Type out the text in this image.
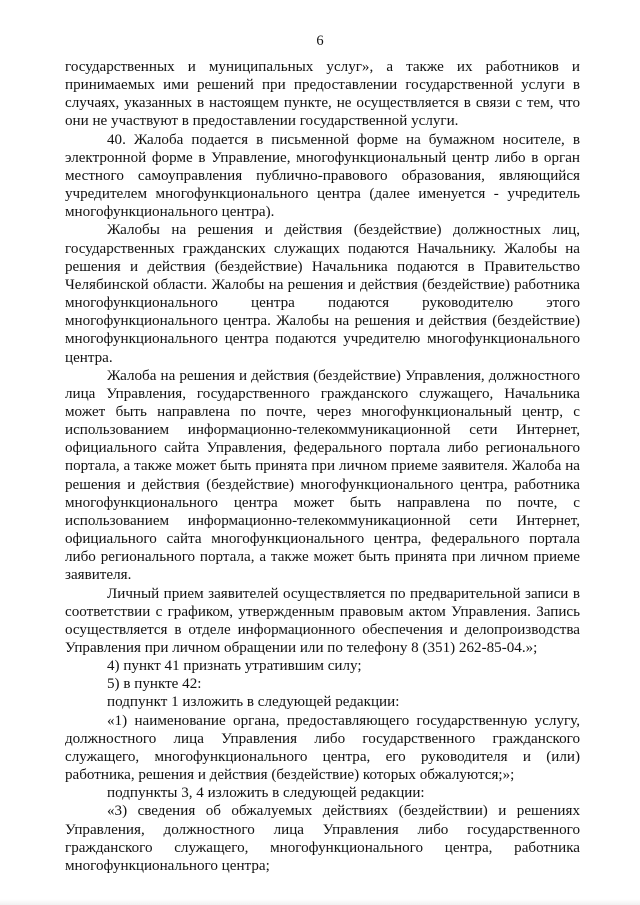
6

государственных и муниципальных услуг», а также их работников и принимаемых ими решений при предоставлении государственной услуги в случаях, указанных в настоящем пункте, не осуществляется в связи с тем, что они не участвуют в предоставлении государственной услуги.

40. Жалоба подается в письменной форме на бумажном носителе, в электронной форме в Управление, многофункциональный центр либо в орган местного самоуправления публично-правового образования, являющийся учредителем многофункционального центра (далее именуется - учредитель многофункционального центра).

Жалобы на решения и действия (бездействие) должностных лиц, государственных гражданских служащих подаются Начальнику. Жалобы на решения и действия (бездействие) Начальника подаются в Правительство Челябинской области. Жалобы на решения и действия (бездействие) работника многофункционального центра подаются руководителю этого многофункционального центра. Жалобы на решения и действия (бездействие) многофункционального центра подаются учредителю многофункционального центра.

Жалоба на решения и действия (бездействие) Управления, должностного лица Управления, государственного гражданского служащего, Начальника может быть направлена по почте, через многофункциональный центр, с использованием информационно-телекоммуникационной сети Интернет, официального сайта Управления, федерального портала либо регионального портала, а также может быть принята при личном приеме заявителя. Жалоба на решения и действия (бездействие) многофункционального центра, работника многофункционального центра может быть направлена по почте, с использованием информационно-телекоммуникационной сети Интернет, официального сайта многофункционального центра, федерального портала либо регионального портала, а также может быть принята при личном приеме заявителя.

Личный прием заявителей осуществляется по предварительной записи в соответствии с графиком, утвержденным правовым актом Управления. Запись осуществляется в отделе информационного обеспечения и делопроизводства Управления при личном обращении или по телефону 8 (351) 262-85-04.»;

4) пункт 41 признать утратившим силу;

5) в пункте 42:

подпункт 1 изложить в следующей редакции:

«1) наименование органа, предоставляющего государственную услугу, должностного лица Управления либо государственного гражданского служащего, многофункционального центра, его руководителя и (или) работника, решения и действия (бездействие) которых обжалуются;»;

подпункты 3, 4 изложить в следующей редакции:

«3) сведения об обжалуемых действиях (бездействии) и решениях Управления, должностного лица Управления либо государственного гражданского служащего, многофункционального центра, работника многофункционального центра;
